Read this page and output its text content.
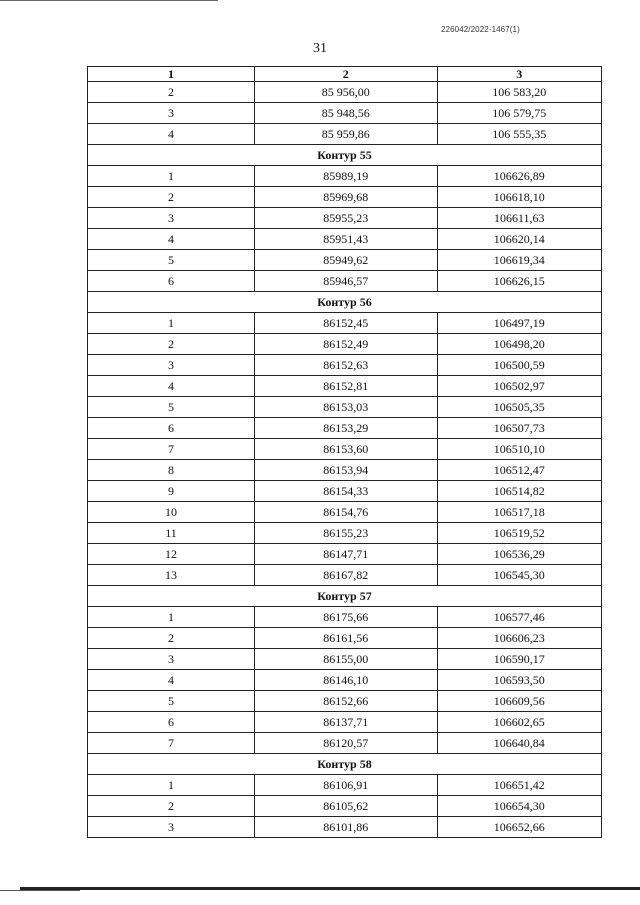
226042/2022-1467(1)
31
1	2	3
2	85 956,00	106 583,20
3	85 948,56	106 579,75
4	85 959,86	106 555,35
Контур 55		
1	85989,19	106626,89
2	85969,68	106618,10
3	85955,23	106611,63
4	85951,43	106620,14
5	85949,62	106619,34
6	85946,57	106626,15
Контур 56		
1	86152,45	106497,19
2	86152,49	106498,20
3	86152,63	106500,59
4	86152,81	106502,97
5	86153,03	106505,35
6	86153,29	106507,73
7	86153,60	106510,10
8	86153,94	106512,47
9	86154,33	106514,82
10	86154,76	106517,18
11	86155,23	106519,52
12	86147,71	106536,29
13	86167,82	106545,30
Контур 57		
1	86175,66	106577,46
2	86161,56	106606,23
3	86155,00	106590,17
4	86146,10	106593,50
5	86152,66	106609,56
6	86137,71	106602,65
7	86120,57	106640,84
Контур 58		
1	86106,91	106651,42
2	86105,62	106654,30
3	86101,86	106652,66
